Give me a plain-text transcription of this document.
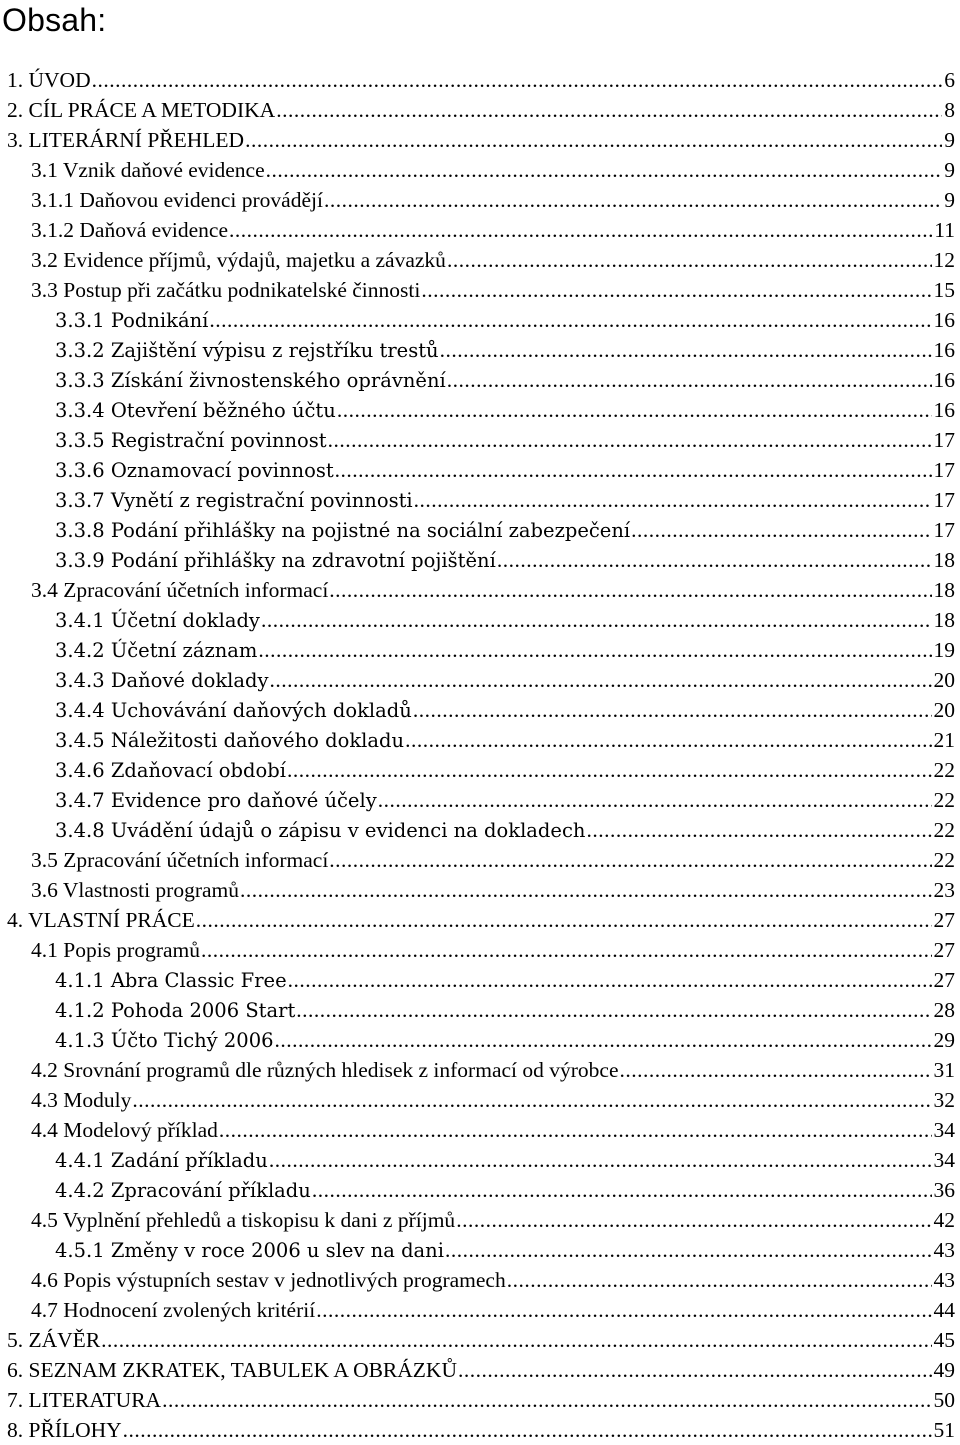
Obsah:
1. ÚVOD .....	6
2. CÍL PRÁCE A METODIKA .....	8
3. LITERÁRNÍ PŘEHLED .....	9
3.1 Vznik daňové evidence .....	9
3.1.1 Daňovou evidenci provádějí .....	9
3.1.2 Daňová evidence .....	11
3.2 Evidence příjmů, výdajů, majetku a závazků .....	12
3.3 Postup při začátku podnikatelské činnosti .....	15
3.3.1 Podnikání .....	16
3.3.2 Zajištění výpisu z rejstříku trestů .....	16
3.3.3 Získání živnostenského oprávnění .....	16
3.3.4 Otevření běžného účtu .....	16
3.3.5 Registrační povinnost .....	17
3.3.6 Oznamovací povinnost .....	17
3.3.7 Vynětí z registrační povinnosti .....	17
3.3.8 Podání přihlášky na pojistné na sociální zabezpečení .....	17
3.3.9 Podání přihlášky na zdravotní pojištění .....	18
3.4 Zpracování účetních informací .....	18
3.4.1 Účetní doklady .....	18
3.4.2 Účetní záznam .....	19
3.4.3 Daňové doklady .....	20
3.4.4 Uchovávání daňových dokladů .....	20
3.4.5 Náležitosti daňového dokladu .....	21
3.4.6 Zdaňovací období .....	22
3.4.7 Evidence pro daňové účely .....	22
3.4.8 Uvádění údajů o zápisu v evidenci na dokladech .....	22
3.5 Zpracování účetních informací .....	22
3.6 Vlastnosti programů .....	23
4. VLASTNÍ PRÁCE .....	27
4.1 Popis programů .....	27
4.1.1 Abra Classic Free .....	27
4.1.2 Pohoda 2006 Start .....	28
4.1.3 Účto Tichý 2006 .....	29
4.2 Srovnání programů dle různých hledisek z informací od výrobce .....	31
4.3 Moduly .....	32
4.4 Modelový příklad .....	34
4.4.1 Zadání příkladu .....	34
4.4.2 Zpracování příkladu .....	36
4.5 Vyplnění přehledů a tiskopisu k dani z příjmů .....	42
4.5.1 Změny v roce 2006 u slev na dani .....	43
4.6 Popis výstupních sestav v jednotlivých programech .....	43
4.7 Hodnocení zvolených kritérií .....	44
5. ZÁVĚR .....	45
6. SEZNAM ZKRATEK, TABULEK A OBRÁZKŮ .....	49
7. LITERATURA .....	50
8. PŘÍLOHY .....	51
